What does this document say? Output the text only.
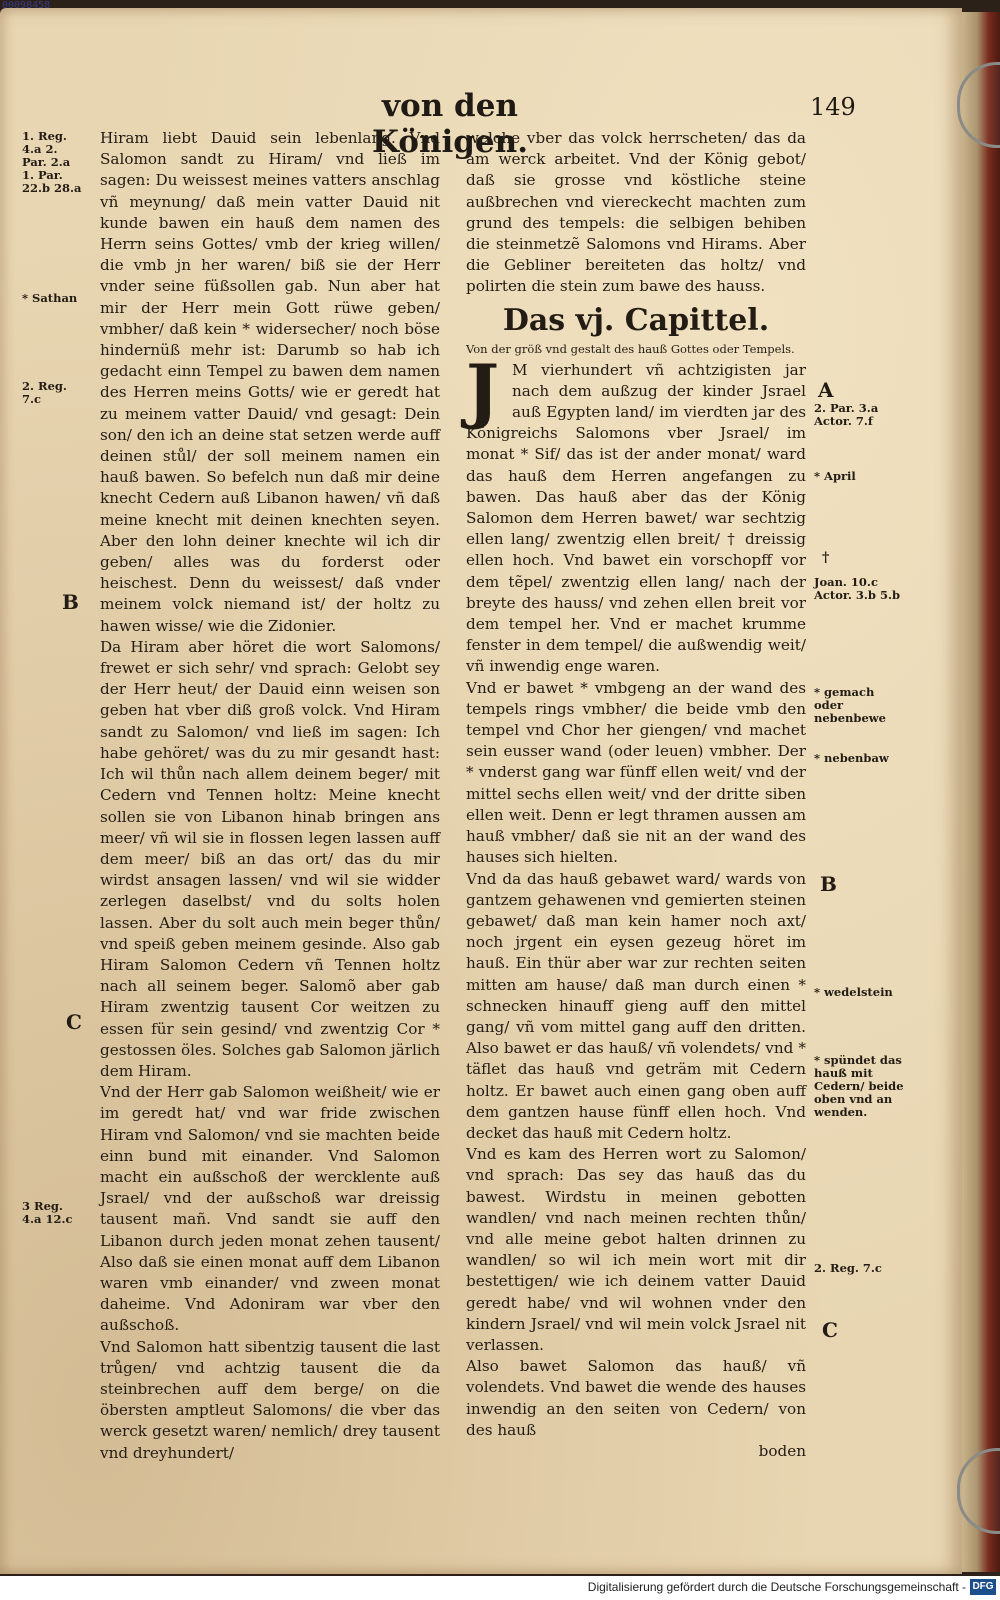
00098458
von den Königen.
149
1. Reg. 4.a 2. Par. 2.a 1. Par. 22.b 28.a
* Sathan
2. Reg. 7.c
B
C
3 Reg. 4.a 12.c

Hiram liebt Dauid sein lebenlang. Vnd Salomon sandt zu Hiram/ vnd ließ im sagen: Du weissest meines vatters anschlag vñ meynung/ daß mein vatter Dauid nit kunde bawen ein hauß dem namen des Herrn seins Gottes/ vmb der krieg willen/ die vmb jn her waren/ biß sie der Herr vnder seine füßsollen gab. Nun aber hat mir der Herr mein Gott rüwe geben/ vmbher/ daß kein * widersecher/ noch böse hindernüß mehr ist: Darumb so hab ich gedacht einn Tempel zu bawen dem namen des Herren meins Gotts/ wie er geredt hat zu meinem vatter Dauid/ vnd gesagt: Dein son/ den ich an deine stat setzen werde auff deinen stůl/ der soll meinem namen ein hauß bawen. So befelch nun daß mir deine knecht Cedern auß Libanon hawen/ vñ daß meine knecht mit deinen knechten seyen. Aber den lohn deiner knechte wil ich dir geben/ alles was du forderst oder heischest. Denn du weissest/ daß vnder meinem volck niemand ist/ der holtz zu hawen wisse/ wie die Zidonier.

Da Hiram aber höret die wort Salomons/ frewet er sich sehr/ vnd sprach: Gelobt sey der Herr heut/ der Dauid einn weisen son geben hat vber diß groß volck. Vnd Hiram sandt zu Salomon/ vnd ließ im sagen: Ich habe gehöret/ was du zu mir gesandt hast: Ich wil thůn nach allem deinem beger/ mit Cedern vnd Tennen holtz: Meine knecht sollen sie von Libanon hinab bringen ans meer/ vñ wil sie in flossen legen lassen auff dem meer/ biß an das ort/ das du mir wirdst ansagen lassen/ vnd wil sie widder zerlegen daselbst/ vnd du solts holen lassen. Aber du solt auch mein beger thůn/ vnd speiß geben meinem gesinde. Also gab Hiram Salomon Cedern vñ Tennen holtz nach all seinem beger. Salomõ aber gab Hiram zwentzig tausent Cor weitzen zu essen für sein gesind/ vnd zwentzig Cor * gestossen öles. Solches gab Salomon järlich dem Hiram.

Vnd der Herr gab Salomon weißheit/ wie er im geredt hat/ vnd war fride zwischen Hiram vnd Salomon/ vnd sie machten beide einn bund mit einander. Vnd Salomon macht ein außschoß der wercklente auß Jsrael/ vnd der außschoß war dreissig tausent mañ. Vnd sandt sie auff den Libanon durch jeden monat zehen tausent/ Also daß sie einen monat auff dem Libanon waren vmb einander/ vnd zween monat daheime. Vnd Adoniram war vber den außschoß.

Vnd Salomon hatt sibentzig tausent die last trůgen/ vnd achtzig tausent die da steinbrechen auff dem berge/ on die öbersten amptleut Salomons/ die vber das werck gesetzt waren/ nemlich/ drey tausent vnd dreyhundert/

welche vber das volck herrscheten/ das da am werck arbeitet. Vnd der König gebot/ daß sie grosse vnd köstliche steine außbrechen vnd viereckecht machten zum grund des tempels: die selbigen behiben die steinmetzẽ Salomons vnd Hirams. Aber die Gebliner bereiteten das holtz/ vnd polirten die stein zum bawe des hauss.

Das vj. Capittel.
Von der größ vnd gestalt des hauß Gottes oder Tempels.

J M vierhundert vñ achtzigisten jar nach dem außzug der kinder Jsrael auß Egypten land/ im vierdten jar des Königreichs Salomons vber Jsrael/ im monat * Sif/ das ist der ander monat/ ward das hauß dem Herren angefangen zu bawen. Das hauß aber das der König Salomon dem Herren bawet/ war sechtzig ellen lang/ zwentzig ellen breit/ † dreissig ellen hoch. Vnd bawet ein vorschopff vor dem tẽpel/ zwentzig ellen lang/ nach der breyte des hauss/ vnd zehen ellen breit vor dem tempel her. Vnd er machet krumme fenster in dem tempel/ die außwendig weit/ vñ inwendig enge waren.

Vnd er bawet * vmbgeng an der wand des tempels rings vmbher/ die beide vmb den tempel vnd Chor her giengen/ vnd machet sein eusser wand (oder leuen) vmbher. Der * vnderst gang war fünff ellen weit/ vnd der mittel sechs ellen weit/ vnd der dritte siben ellen weit. Denn er legt thramen aussen am hauß vmbher/ daß sie nit an der wand des hauses sich hielten.

Vnd da das hauß gebawet ward/ wards von gantzem gehawenen vnd gemierten steinen gebawet/ daß man kein hamer noch axt/ noch jrgent ein eysen gezeug höret im hauß. Ein thür aber war zur rechten seiten mitten am hause/ daß man durch einen * schnecken hinauff gieng auff den mittel gang/ vñ vom mittel gang auff den dritten. Also bawet er das hauß/ vñ volendets/ vnd * täflet das hauß vnd geträm mit Cedern holtz. Er bawet auch einen gang oben auff dem gantzen hause fünff ellen hoch. Vnd decket das hauß mit Cedern holtz.

Vnd es kam des Herren wort zu Salomon/ vnd sprach: Das sey das hauß das du bawest. Wirdstu in meinen gebotten wandlen/ vnd nach meinen rechten thůn/ vnd alle meine gebot halten drinnen zu wandlen/ so wil ich mein wort mit dir bestettigen/ wie ich deinem vatter Dauid geredt habe/ vnd wil wohnen vnder den kindern Jsrael/ vnd wil mein volck Jsrael nit verlassen.

Also bawet Salomon das hauß/ vñ volendets. Vnd bawet die wende des hauses inwendig an den seiten von Cedern/ von des hauß

boden
A
2. Par. 3.a Actor. 7.f
* April
†
Joan. 10.c Actor. 3.b 5.b
* gemach oder nebenbewe
* nebenbaw
B
* wedelstein
* spündet das hauß mit Cedern/ beide oben vnd an wenden.
2. Reg. 7.c
C
Digitalisierung gefördert durch die Deutsche Forschungsgemeinschaft - DFG
